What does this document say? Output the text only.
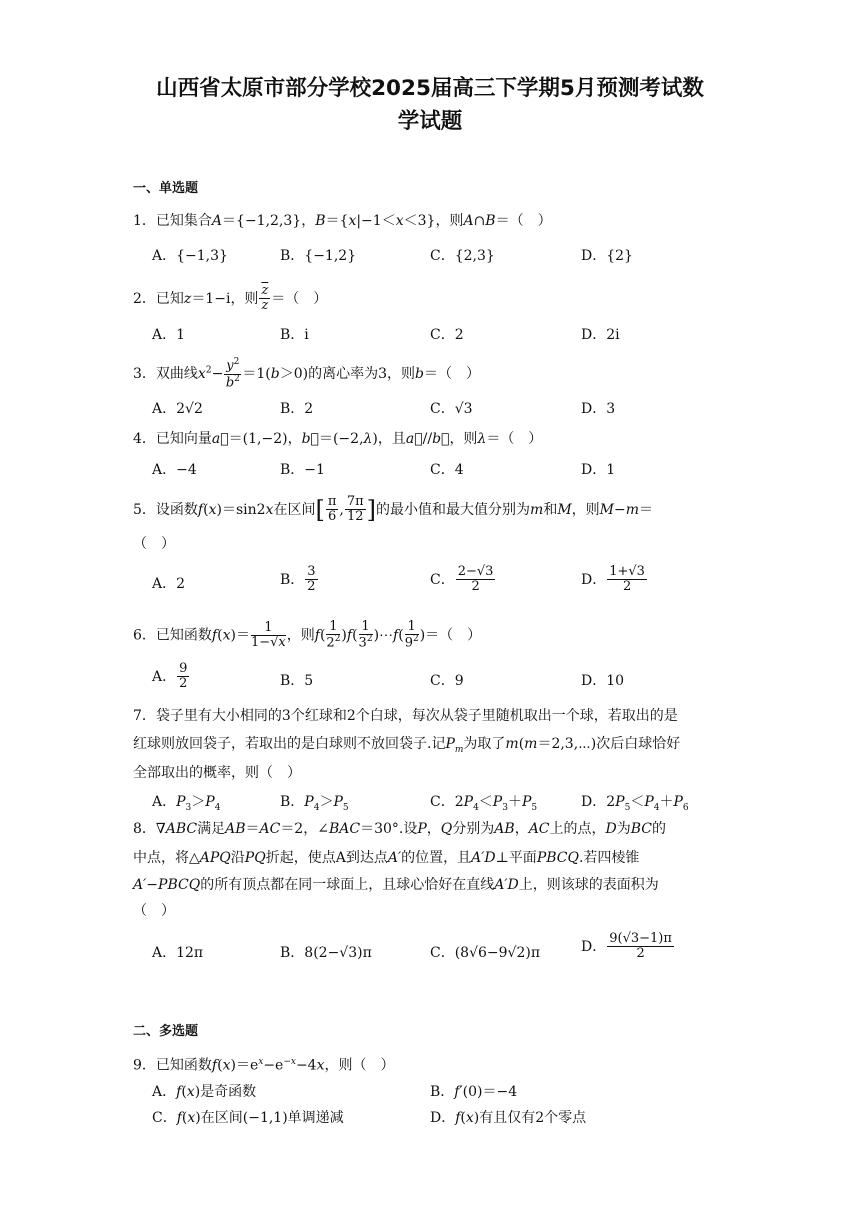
山西省太原市部分学校2025届高三下学期5月预测考试数
学试题
一、单选题
1．已知集合A＝{−1,2,3}，B＝{x|−1＜x＜3}，则A∩B＝（　）
A．{−1,3}	B．{−1,2}	C．{2,3}	D．{2}
2．已知z＝1−i，则 $\frac{\overline{z}}{z}$ ＝（　）
A．1	B．i	C．2	D．2i
3．双曲线$x^2- \frac{y^2}{b^2} =1(b>0)$的离心率为3，则b＝（　）
A．2√2	B．2	C．√3	D．3
4．已知向量a⃗＝(1,−2)，b⃗＝(−2,λ)，且a⃗//b⃗，则λ＝（　）
A．−4	B．−1	C．4	D．1
5．设函数f(x)＝sin2x在区间[ $\frac{\pi}{6}$ , $\frac{7\pi}{12}$ ]的最小值和最大值分别为m和M，则M−m＝
（　）
A．2	B． $\frac{3}{2}$	C． $\frac{2-√3}{2}$	D． $\frac{1+√3}{2}$
6．已知函数$f(x)= \frac{1}{1-√x}$ ，则$f( \frac{1}{2^2} )f( \frac{1}{3^2}$ )⋯f( $\frac{1}{9^2}$ )＝（　）
A． $\frac{9}{2}$	B．5	C．9	D．10
7．袋子里有大小相同的3个红球和2个白球，每次从袋子里随机取出一个球，若取出的是
红球则放回袋子，若取出的是白球则不放回袋子.记$P_m$为取了m(m＝2,3,⋯)次后白球恰好
全部取出的概率，则（　）
A．$P_3>P_4$	B．$P_4>P_5$	C．$2P_4<P_3+P_5$	D．$2P_5<P_4+P_6$
8．∇ABC满足AB＝AC＝2，∠BAC＝30°.设P，Q分别为AB，AC上的点，D为BC的
中点，将△APQ沿PQ折起，使点A到达点A′的位置，且A′D⊥平面PBCQ.若四棱锥
A′−PBCQ的所有顶点都在同一球面上，且球心恰好在直线A′D上，则该球的表面积为
（　）
A．12π	B．8(2−√3)π	C．(8√6−9√2)π	D． $\frac{9(√3-1)\pi}{2}$
二、多选题
9．已知函数$f(x)=e^x-e^{-x}-4x$，则（　）
A．f(x)是奇函数	B．f′(0)＝−4
C．f(x)在区间(−1,1)单调递减	D．f(x)有且仅有2个零点
